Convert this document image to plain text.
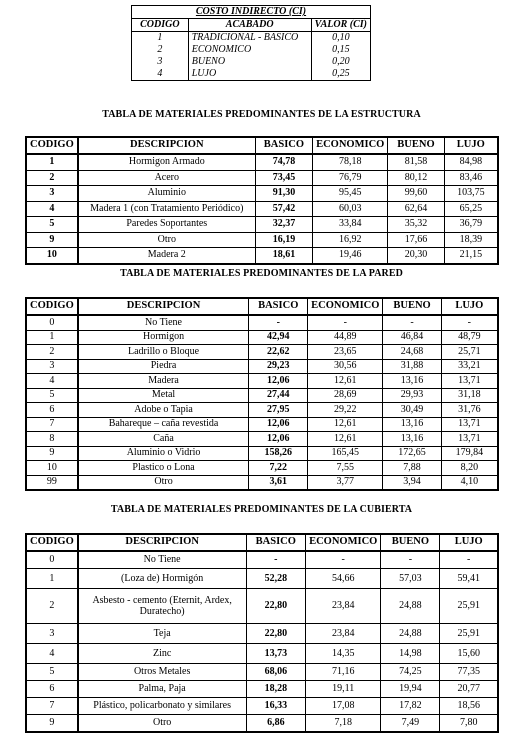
COSTO INDIRECTO (CI)		
CODIGO	ACABADO	VALOR (CI)
1	TRADICIONAL - BASICO	0,10
2	ECONOMICO	0,15
3	BUENO	0,20
4	LUJO	0,25
TABLA DE MATERIALES PREDOMINANTES DE LA ESTRUCTURA
CODIGO	DESCRIPCION	BASICO	ECONOMICO	BUENO	LUJO
1	Hormigon Armado	74,78	78,18	81,58	84,98
2	Acero	73,45	76,79	80,12	83,46
3	Aluminio	91,30	95,45	99,60	103,75
4	Madera 1 (con Tratamiento Periódico)	57,42	60,03	62,64	65,25
5	Paredes Soportantes	32,37	33,84	35,32	36,79
9	Otro	16,19	16,92	17,66	18,39
10	Madera 2	18,61	19,46	20,30	21,15
TABLA DE MATERIALES PREDOMINANTES DE LA PARED
CODIGO	DESCRIPCION	BASICO	ECONOMICO	BUENO	LUJO
0	No Tiene	-	-	-	-
1	Hormigon	42,94	44,89	46,84	48,79
2	Ladrillo o Bloque	22,62	23,65	24,68	25,71
3	Piedra	29,23	30,56	31,88	33,21
4	Madera	12,06	12,61	13,16	13,71
5	Metal	27,44	28,69	29,93	31,18
6	Adobe o Tapia	27,95	29,22	30,49	31,76
7	Bahareque – caña revestida	12,06	12,61	13,16	13,71
8	Caña	12,06	12,61	13,16	13,71
9	Aluminio o Vidrio	158,26	165,45	172,65	179,84
10	Plastico o Lona	7,22	7,55	7,88	8,20
99	Otro	3,61	3,77	3,94	4,10
TABLA DE MATERIALES PREDOMINANTES DE LA CUBIERTA
CODIGO	DESCRIPCION	BASICO	ECONOMICO	BUENO	LUJO
0	No Tiene	-	-	-	-
1	(Loza de) Hormigón	52,28	54,66	57,03	59,41
2	Asbesto - cemento (Eternit, Ardex, Duratecho)	22,80	23,84	24,88	25,91
3	Teja	22,80	23,84	24,88	25,91
4	Zinc	13,73	14,35	14,98	15,60
5	Otros Metales	68,06	71,16	74,25	77,35
6	Palma, Paja	18,28	19,11	19,94	20,77
7	Plástico, policarbonato y similares	16,33	17,08	17,82	18,56
9	Otro	6,86	7,18	7,49	7,80
